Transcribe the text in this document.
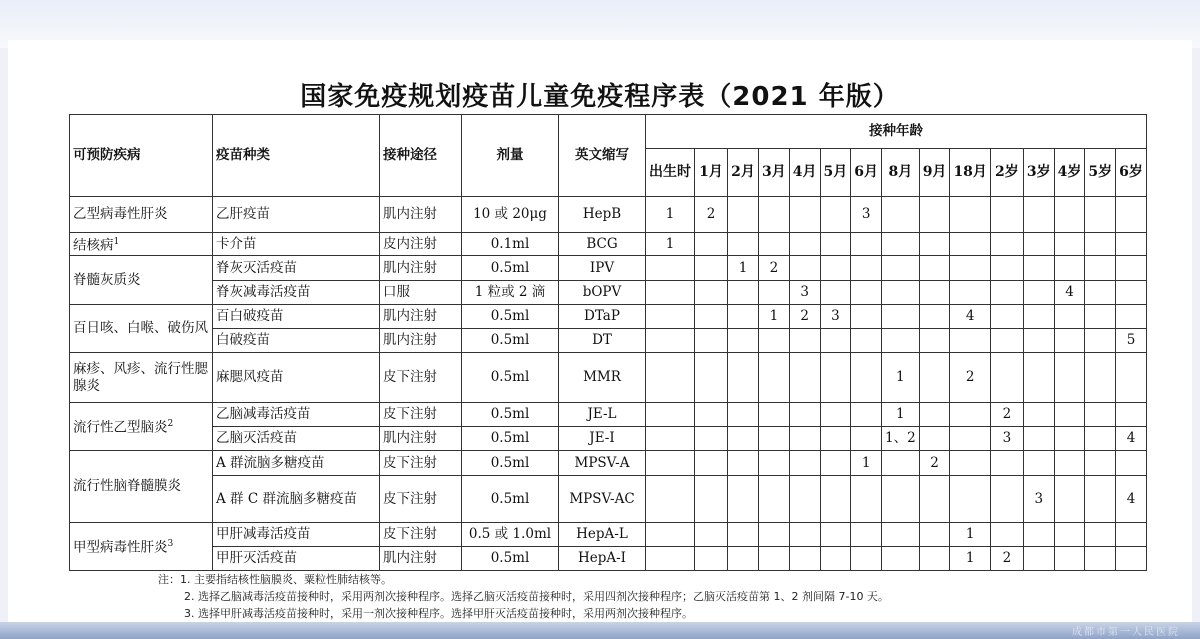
成都市第一人民医院
国家免疫规划疫苗儿童免疫程序表（2021 年版）
可预防疾病	疫苗种类	接种途径	剂量	英文缩写	接种年龄														
					出生时	1月	2月	3月	4月	5月	6月	8月	9月	18月	2岁	3岁	4岁	5岁	6岁
乙型病毒性肝炎	乙肝疫苗	肌内注射	10 或 20μg	HepB	1	2					3								
结核病$^1$	卡介苗	皮内注射	0.1ml	BCG	1														
脊髓灰质炎	脊灰灭活疫苗	肌内注射	0.5ml	IPV			1	2											
	脊灰减毒活疫苗	口服	1 粒或 2 滴	bOPV					3								4		
百日咳、白喉、破伤风	百白破疫苗	肌内注射	0.5ml	DTaP				1	2	3				4					
	白破疫苗	肌内注射	0.5ml	DT															5
麻疹、风疹、流行性腮腺炎	麻腮风疫苗	皮下注射	0.5ml	MMR								1		2					
流行性乙型脑炎$^2$	乙脑减毒活疫苗	皮下注射	0.5ml	JE-L								1			2				
	乙脑灭活疫苗	肌内注射	0.5ml	JE-I								1、2			3				4
流行性脑脊髓膜炎	A 群流脑多糖疫苗	皮下注射	0.5ml	MPSV-A							1		2						
	A 群 C 群流脑多糖疫苗	皮下注射	0.5ml	MPSV-AC												3			4
甲型病毒性肝炎$^3$	甲肝减毒活疫苗	皮下注射	0.5 或 1.0ml	HepA-L										1					
	甲肝灭活疫苗	肌内注射	0.5ml	HepA-I										1	2				
注：1. 主要指结核性脑膜炎、粟粒性肺结核等。
2. 选择乙脑减毒活疫苗接种时，采用两剂次接种程序。选择乙脑灭活疫苗接种时，采用四剂次接种程序；乙脑灭活疫苗第 1、2 剂间隔 7-10 天。
3. 选择甲肝减毒活疫苗接种时，采用一剂次接种程序。选择甲肝灭活疫苗接种时，采用两剂次接种程序。
